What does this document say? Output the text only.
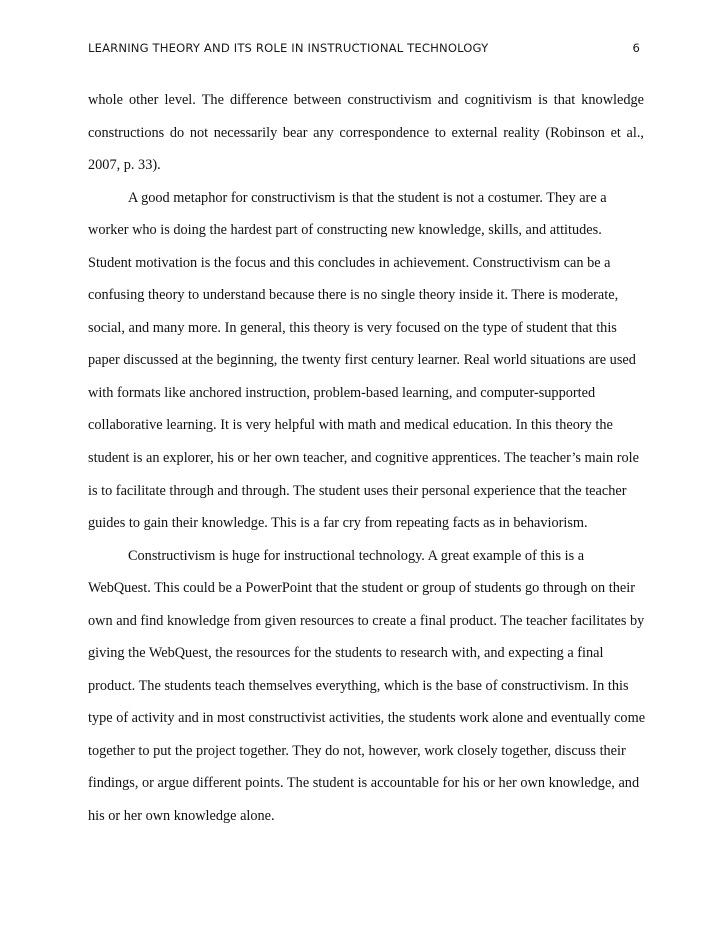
LEARNING THEORY AND ITS ROLE IN INSTRUCTIONAL TECHNOLOGY	6
whole other level. The difference between constructivism and cognitivism is that knowledge
constructions do not necessarily bear any correspondence to external reality (Robinson et al.,
2007, p. 33).
A good metaphor for constructivism is that the student is not a costumer. They are a
worker who is doing the hardest part of constructing new knowledge, skills, and attitudes.
Student motivation is the focus and this concludes in achievement. Constructivism can be a
confusing theory to understand because there is no single theory inside it. There is moderate,
social, and many more. In general, this theory is very focused on the type of student that this
paper discussed at the beginning, the twenty first century learner. Real world situations are used
with formats like anchored instruction, problem-based learning, and computer-supported
collaborative learning. It is very helpful with math and medical education. In this theory the
student is an explorer, his or her own teacher, and cognitive apprentices. The teacher’s main role
is to facilitate through and through. The student uses their personal experience that the teacher
guides to gain their knowledge. This is a far cry from repeating facts as in behaviorism.
Constructivism is huge for instructional technology. A great example of this is a
WebQuest. This could be a PowerPoint that the student or group of students go through on their
own and find knowledge from given resources to create a final product. The teacher facilitates by
giving the WebQuest, the resources for the students to research with, and expecting a final
product. The students teach themselves everything, which is the base of constructivism. In this
type of activity and in most constructivist activities, the students work alone and eventually come
together to put the project together. They do not, however, work closely together, discuss their
findings, or argue different points. The student is accountable for his or her own knowledge, and
his or her own knowledge alone.
